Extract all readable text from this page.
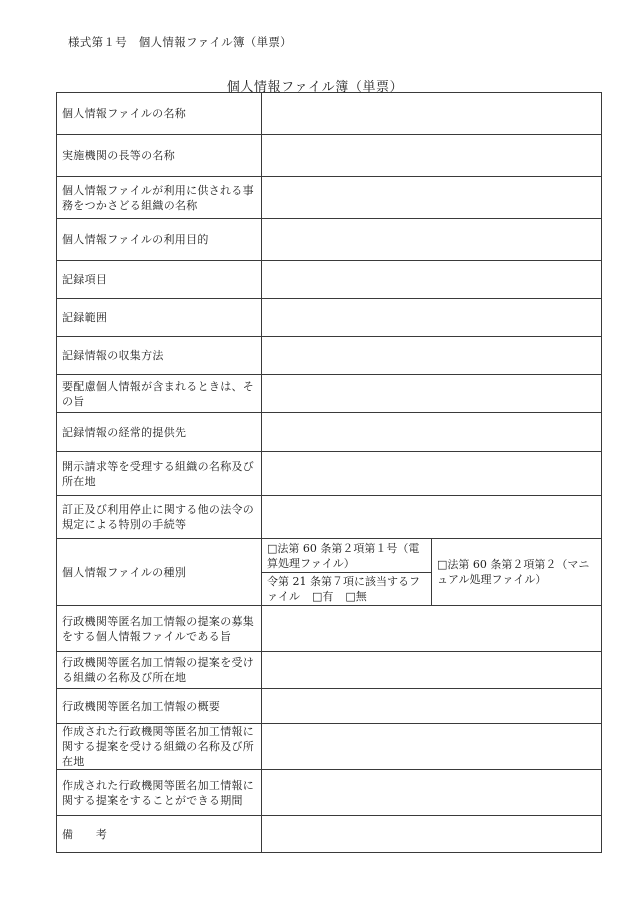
様式第１号　個人情報ファイル簿（単票）
個人情報ファイル簿（単票）
個人情報ファイルの名称		
実施機関の長等の名称		
個人情報ファイルが利用に供される事務をつかさどる組織の名称		
個人情報ファイルの利用目的		
記録項目		
記録範囲		
記録情報の収集方法		
要配慮個人情報が含まれるときは、その旨		
記録情報の経常的提供先		
開示請求等を受理する組織の名称及び所在地		
訂正及び利用停止に関する他の法令の規定による特別の手続等		
個人情報ファイルの種別	□法第 60 条第２項第１号（電算処理ファイル）	□法第 60 条第２項第２（マニュアル処理ファイル）
	令第 21 条第７項に該当するファイル □有 □無	
行政機関等匿名加工情報の提案の募集をする個人情報ファイルである旨		
行政機関等匿名加工情報の提案を受ける組織の名称及び所在地		
行政機関等匿名加工情報の概要		
作成された行政機関等匿名加工情報に関する提案を受ける組織の名称及び所在地		
作成された行政機関等匿名加工情報に関する提案をすることができる期間		
備　　考		
